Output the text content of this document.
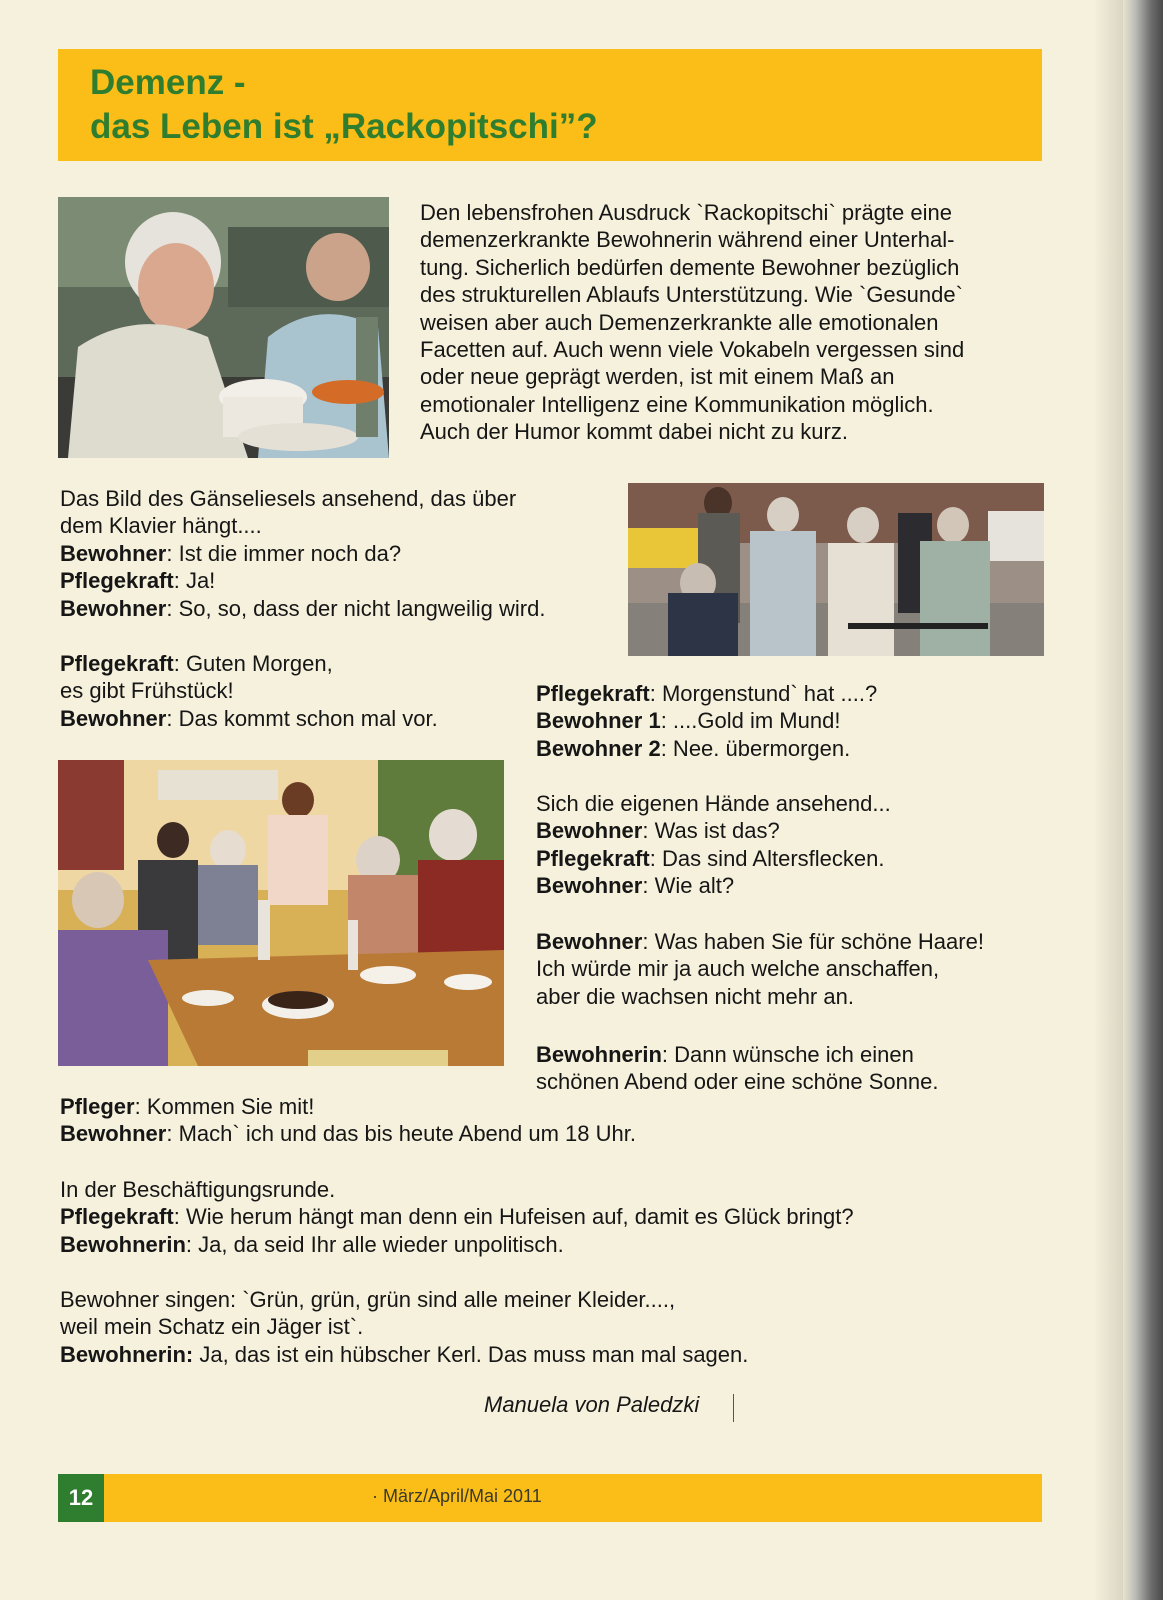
Demenz -
das Leben ist „Rackopitschi”?

Den lebensfrohen Ausdruck `Rackopitschi` prägte eine

demenzerkrankte Bewohnerin während einer Unterhal-

tung. Sicherlich bedürfen demente Bewohner bezüglich

des strukturellen Ablaufs Unterstützung. Wie `Gesunde`

weisen aber auch Demenzerkrankte alle emotionalen

Facetten auf. Auch wenn viele Vokabeln vergessen sind

oder neue geprägt werden, ist mit einem Maß an

emotionaler Intelligenz eine Kommunikation möglich.

Auch der Humor kommt dabei nicht zu kurz.

Das Bild des Gänseliesels ansehend, das über

dem Klavier hängt....

Bewohner: Ist die immer noch da?

Pflegekraft: Ja!

Bewohner: So, so, dass der nicht langweilig wird.

Pflegekraft: Guten Morgen,

es gibt Frühstück!

Bewohner: Das kommt schon mal vor.

Pflegekraft: Morgenstund` hat ....?

Bewohner 1: ....Gold im Mund!

Bewohner 2: Nee. übermorgen.

Sich die eigenen Hände ansehend...

Bewohner: Was ist das?

Pflegekraft: Das sind Altersflecken.

Bewohner: Wie alt?

Bewohner: Was haben Sie für schöne Haare!

Ich würde mir ja auch welche anschaffen,

aber die wachsen nicht mehr an.

Bewohnerin: Dann wünsche ich einen

schönen Abend oder eine schöne Sonne.

Pfleger: Kommen Sie mit!

Bewohner: Mach` ich und das bis heute Abend um 18 Uhr.

In der Beschäftigungsrunde.

Pflegekraft: Wie herum hängt man denn ein Hufeisen auf, damit es Glück bringt?

Bewohnerin: Ja, da seid Ihr alle wieder unpolitisch.

Bewohner singen: `Grün, grün, grün sind alle meiner Kleider....,

weil mein Schatz ein Jäger ist`.

Bewohnerin: Ja, das ist ein hübscher Kerl. Das muss man mal sagen.

Manuela von Paledzki
12	· März/April/Mai 2011
